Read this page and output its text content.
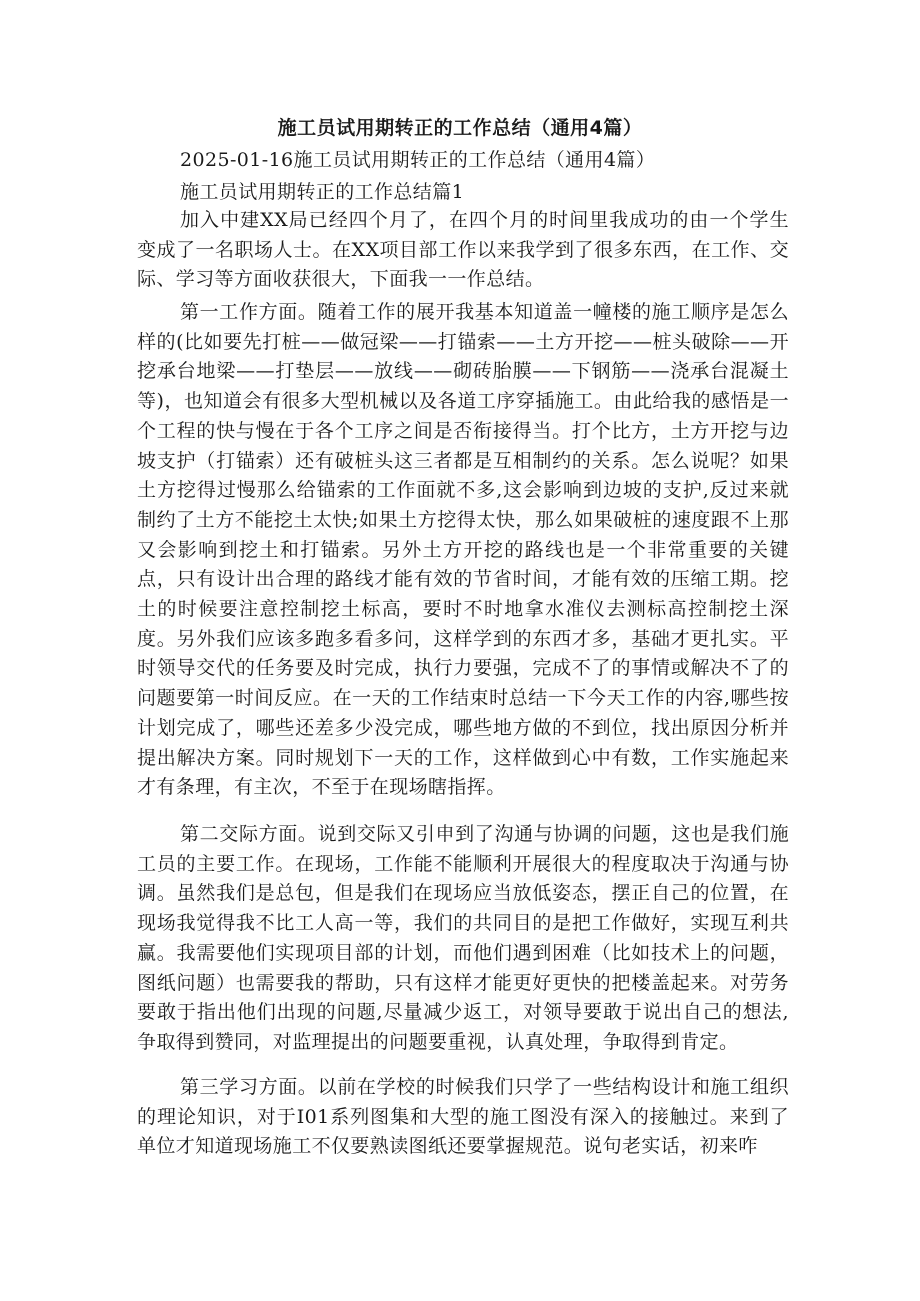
施工员试用期转正的工作总结（通用4篇）
2025-01-16施工员试用期转正的工作总结（通用4篇）
施工员试用期转正的工作总结篇1

加入中建XX局已经四个月了，在四个月的时间里我成功的由一个学生变成了一名职场人士。在XX项目部工作以来我学到了很多东西，在工作、交际、学习等方面收获很大，下面我一一作总结。

第一工作方面。随着工作的展开我基本知道盖一幢楼的施工顺序是怎么样的(比如要先打桩——做冠梁——打锚索——土方开挖——桩头破除——开挖承台地梁——打垫层——放线——砌砖胎膜——下钢筋——浇承台混凝土等)，也知道会有很多大型机械以及各道工序穿插施工。由此给我的感悟是一个工程的快与慢在于各个工序之间是否衔接得当。打个比方，土方开挖与边坡支护（打锚索）还有破桩头这三者都是互相制约的关系。怎么说呢？如果土方挖得过慢那么给锚索的工作面就不多,这会影响到边坡的支护,反过来就制约了土方不能挖土太快;如果土方挖得太快，那么如果破桩的速度跟不上那又会影响到挖土和打锚索。另外土方开挖的路线也是一个非常重要的关键点，只有设计出合理的路线才能有效的节省时间，才能有效的压缩工期。挖土的时候要注意控制挖土标高，要时不时地拿水准仪去测标高控制挖土深度。另外我们应该多跑多看多问，这样学到的东西才多，基础才更扎实。平时领导交代的任务要及时完成，执行力要强，完成不了的事情或解决不了的问题要第一时间反应。在一天的工作结束时总结一下今天工作的内容,哪些按计划完成了，哪些还差多少没完成，哪些地方做的不到位，找出原因分析并提出解决方案。同时规划下一天的工作，这样做到心中有数，工作实施起来才有条理，有主次，不至于在现场瞎指挥。

第二交际方面。说到交际又引申到了沟通与协调的问题，这也是我们施工员的主要工作。在现场，工作能不能顺利开展很大的程度取决于沟通与协调。虽然我们是总包，但是我们在现场应当放低姿态，摆正自己的位置，在现场我觉得我不比工人高一等，我们的共同目的是把工作做好，实现互利共赢。我需要他们实现项目部的计划，而他们遇到困难（比如技术上的问题，图纸问题）也需要我的帮助，只有这样才能更好更快的把楼盖起来。对劳务要敢于指出他们出现的问题,尽量减少返工，对领导要敢于说出自己的想法,争取得到赞同，对监理提出的问题要重视，认真处理，争取得到肯定。

第三学习方面。以前在学校的时候我们只学了一些结构设计和施工组织的理论知识，对于I01系列图集和大型的施工图没有深入的接触过。来到了单位才知道现场施工不仅要熟读图纸还要掌握规范。说句老实话，初来咋
